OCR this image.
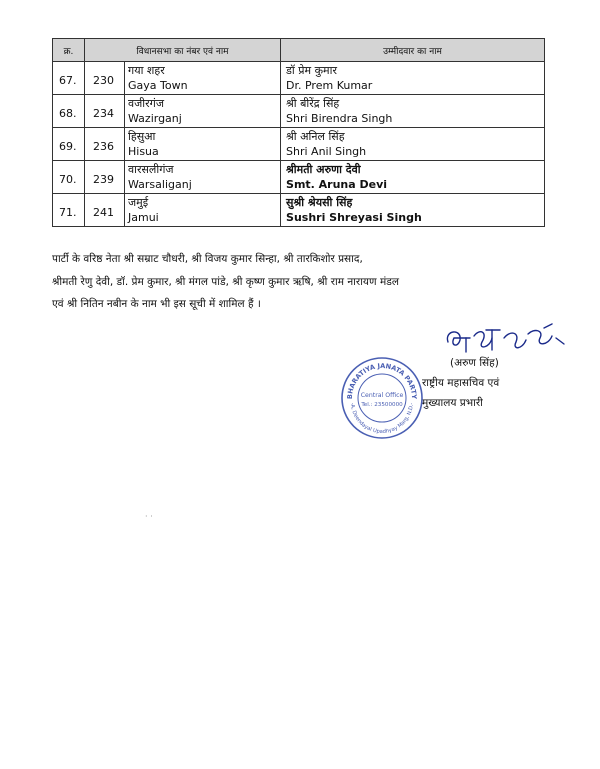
क्र.	विधानसभा का नंबर एवं नाम		उम्मीदवार का नाम

67.	230	गया शहर
Gaya Town	डॉ प्रेम कुमार
Dr. Prem Kumar

68.	234	वजीरगंज
Wazirganj	श्री बीरेंद्र सिंह
Shri Birendra Singh

69.	236	हिसुआ
Hisua	श्री अनिल सिंह
Shri Anil Singh

70.	239	वारसलीगंज
Warsaliganj	श्रीमती अरुणा देवी
Smt. Aruna Devi

71.	241	जमुई
Jamui	सुश्री श्रेयसी सिंह
Sushri Shreyasi Singh

पार्टी के वरिष्ठ नेता श्री सम्राट चौधरी, श्री विजय कुमार सिन्हा, श्री तारकिशोर प्रसाद,
श्रीमती रेणु देवी, डॉ. प्रेम कुमार, श्री मंगल पांडे, श्री कृष्ण कुमार ऋषि, श्री राम नारायण मंडल
एवं श्री नितिन नबीन के नाम भी इस सूची में शामिल हैं ।

(अरुण सिंह)
राष्ट्रीय महासचिव एवं
मुख्यालय प्रभारी
BHARATIYA JANATA PARTY
-A, Deendayal Upadhyay Marg, N.D.-
Central Office
Tel.: 23500000
· ·
